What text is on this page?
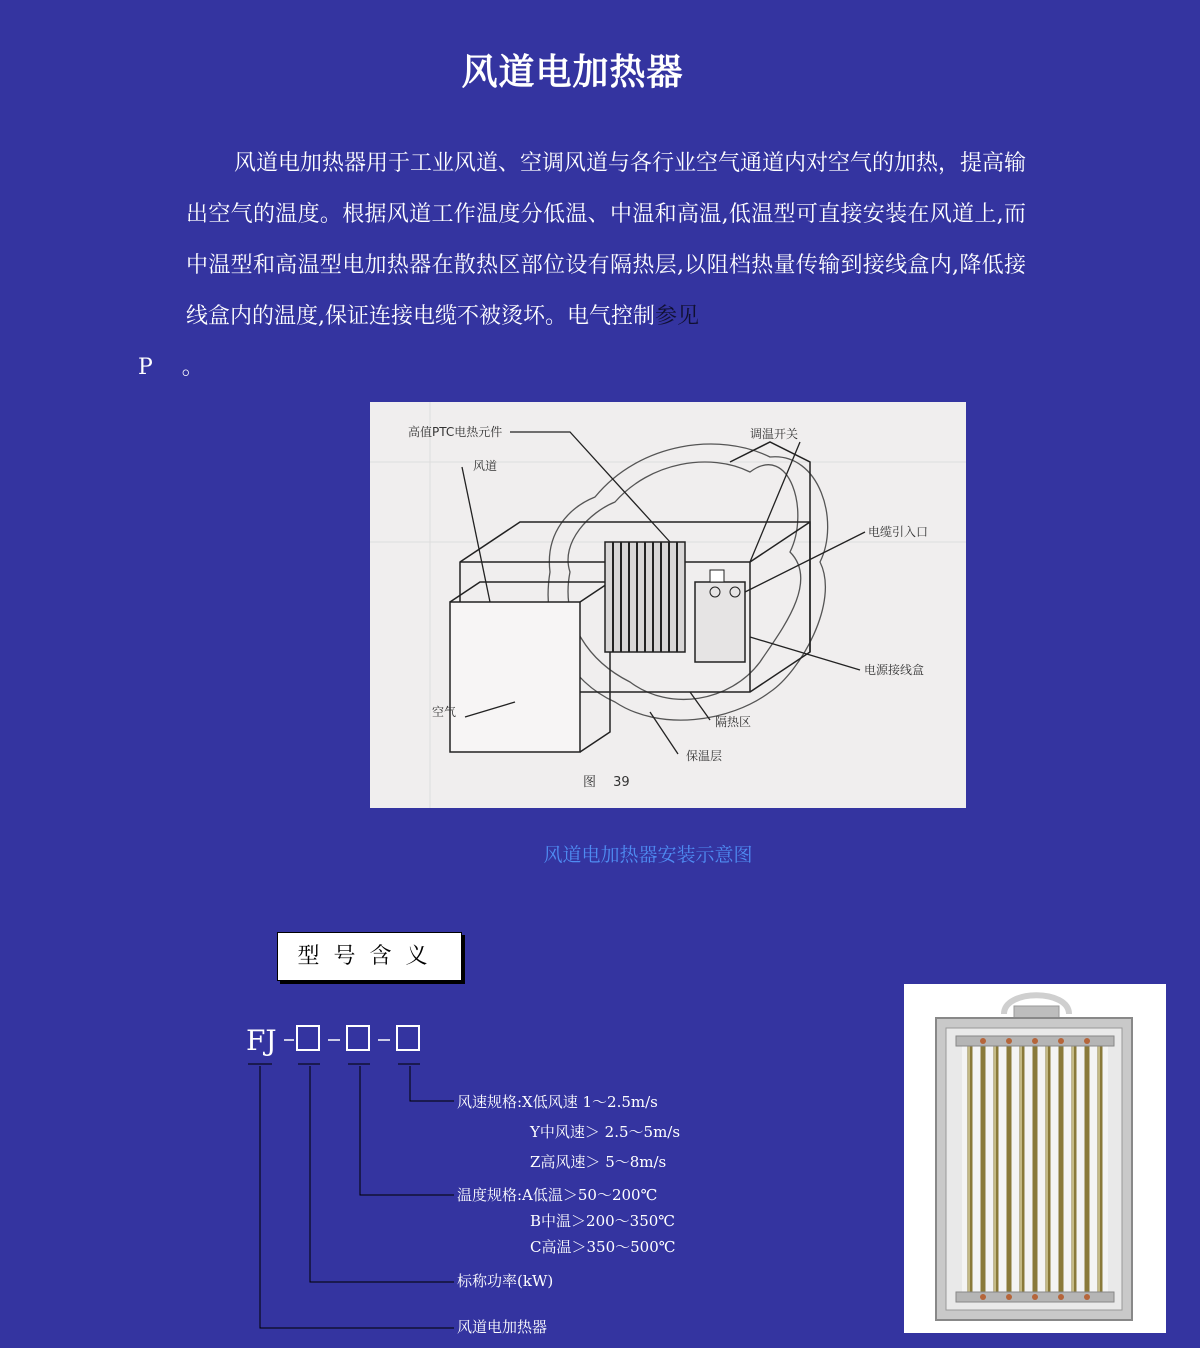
风道电加热器

风道电加热器用于工业风道、空调风道与各行业空气通道内对空气的加热，提高输出空气的温度。根据风道工作温度分低温、中温和高温,低温型可直接安装在风道上,而中温型和高温型电加热器在散热区部位设有隔热层,以阻档热量传输到接线盒内,降低接线盒内的温度,保证连接电缆不被烫坏。电气控制参见
P　 。

高值PTC电热元件
风道
调温开关
电缆引入口
电源接线盒
隔热区
保温层
空气
图　 39
风道电加热器安装示意图
型号含义
FJ
风速规格:X低风速 1～2.5m/s
Y中风速＞ 2.5～5m/s
Z高风速＞ 5～8m/s
温度规格:A低温＞50～200℃
B中温＞200～350℃
C高温＞350～500℃
标称功率(kW)
风道电加热器
